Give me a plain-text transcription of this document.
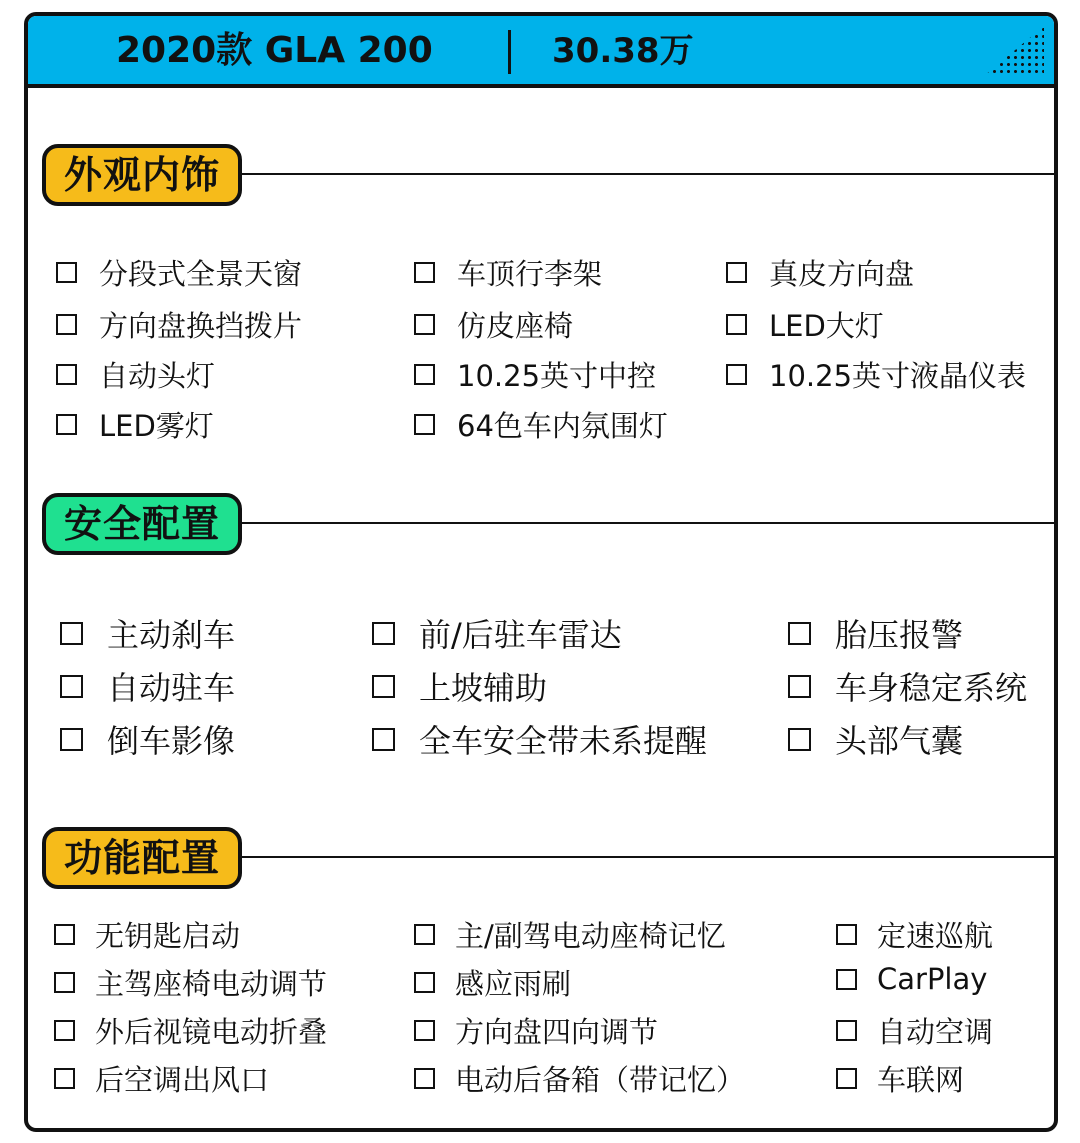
2020款 GLA 200	30.38万
外观内饰
分段式全景天窗	车顶行李架	真皮方向盘
方向盘换挡拨片	仿皮座椅	LED大灯
自动头灯	10.25英寸中控	10.25英寸液晶仪表
LED雾灯	64色车内氛围灯
安全配置
主动刹车	前/后驻车雷达	胎压报警
自动驻车	上坡辅助	车身稳定系统
倒车影像	全车安全带未系提醒	头部气囊
功能配置
无钥匙启动	主/副驾电动座椅记忆	定速巡航
主驾座椅电动调节	感应雨刷	CarPlay
外后视镜电动折叠	方向盘四向调节	自动空调
后空调出风口	电动后备箱（带记忆）	车联网
